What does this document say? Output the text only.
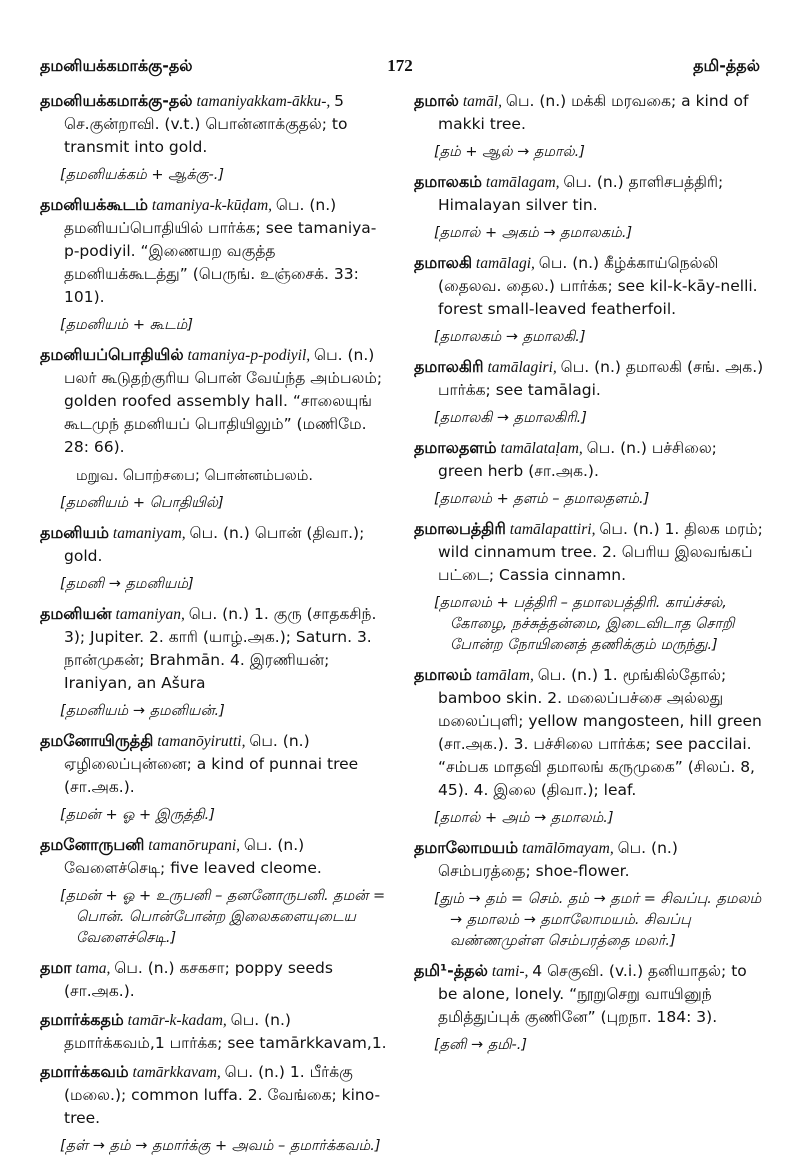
தமனியக்கமாக்கு-தல்	172	தமி-த்தல்

தமனியக்கமாக்கு-தல் tamaniyakkam-ākku-, 5 செ.குன்றாவி. (v.t.) பொன்னாக்குதல்; to transmit into gold.

[தமனியக்கம் + ஆக்கு-.]

தமனியக்கூடம் tamaniya-k-kūḍam, பெ. (n.) தமனியப்பொதியில் பார்க்க; see tamaniya-p-podiyil. “இணையற வகுத்த தமனியக்கூடத்து” (பெருங். உஞ்சைக். 33: 101).

[தமனியம் + கூடம்]

தமனியப்பொதியில் tamaniya-p-podiyil, பெ. (n.) பலர் கூடுதற்குரிய பொன் வேய்ந்த அம்பலம்; golden roofed assembly hall. “சாலையுங் கூடமுந் தமனியப் பொதியிலும்” (மணிமே. 28: 66).

மறுவ. பொற்சபை; பொன்னம்பலம்.

[தமனியம் + பொதியில்]

தமனியம் tamaniyam, பெ. (n.) பொன் (திவா.); gold.

[தமனி → தமனியம்]

தமனியன் tamaniyan, பெ. (n.) 1. குரு (சாதகசிந். 3); Jupiter. 2. காரி (யாழ்.அக.); Saturn. 3. நான்முகன்; Brahmān. 4. இரணியன்; Iraniyan, an Ašura

[தமனியம் → தமனியன்.]

தமனோயிருத்தி tamanōyirutti, பெ. (n.) ஏழிலைப்புன்னை; a kind of punnai tree (சா.அக.).

[தமன் + ஓ + இருத்தி.]

தமனோருபனி tamanōrupani, பெ. (n.) வேளைச்செடி; five leaved cleome.

[தமன் + ஓ + உருபனி – தனனோருபனி. தமன் = பொன். பொன்போன்ற இலைகளையுடைய வேளைச்செடி.]

தமா tama, பெ. (n.) கசகசா; poppy seeds (சா.அக.).

தமார்க்கதம் tamār-k-kadam, பெ. (n.) தமார்க்கவம்,1 பார்க்க; see tamārkkavam,1.

தமார்க்கவம் tamārkkavam, பெ. (n.) 1. பீர்க்கு (மலை.); common luffa. 2. வேங்கை; kino-tree.

[தள் → தம் → தமார்க்கு + அவம் – தமார்க்கவம்.]

தமால் tamāl, பெ. (n.) மக்கி மரவகை; a kind of makki tree.

[தம் + ஆல் → தமால்.]

தமாலகம் tamālagam, பெ. (n.) தாளிசபத்திரி; Himalayan silver tin.

[தமால் + அகம் → தமாலகம்.]

தமாலகி tamālagi, பெ. (n.) கீழ்க்காய்நெல்லி (தைலவ. தைல.) பார்க்க; see kil-k-kāy-nelli. forest small-leaved featherfoil.

[தமாலகம் → தமாலகி.]

தமாலகிரி tamālagiri, பெ. (n.) தமாலகி (சங். அக.) பார்க்க; see tamālagi.

[தமாலகி → தமாலகிரி.]

தமாலதளம் tamālataḷam, பெ. (n.) பச்சிலை; green herb (சா.அக.).

[தமாலம் + தளம் – தமாலதளம்.]

தமாலபத்திரி tamālapattiri, பெ. (n.) 1. திலக மரம்; wild cinnamum tree. 2. பெரிய இலவங்கப் பட்டை; Cassia cinnamn.

[தமாலம் + பத்திரி – தமாலபத்திரி. காய்ச்சல், கோழை, நச்சுத்தன்மை, இடைவிடாத சொறி போன்ற நோயினைத் தணிக்கும் மருந்து.]

தமாலம் tamālam, பெ. (n.) 1. மூங்கில்தோல்; bamboo skin. 2. மலைப்பச்சை அல்லது மலைப்புளி; yellow mangosteen, hill green (சா.அக.). 3. பச்சிலை பார்க்க; see paccilai. “சம்பக மாதவி தமாலங் கருமுகை” (சிலப். 8, 45). 4. இலை (திவா.); leaf.

[தமால் + அம் → தமாலம்.]

தமாலோமயம் tamālōmayam, பெ. (n.) செம்பரத்தை; shoe-flower.

[தும் → தம் = செம். தம் → தமர் = சிவப்பு. தமலம் → தமாலம் → தமாலோமயம். சிவப்பு வண்ணமுள்ள செம்பரத்தை மலர்.]

தமி¹-த்தல் tami-, 4 செகுவி. (v.i.) தனியாதல்; to be alone, lonely. “நூறுசெறு வாயினுந் தமித்துப்புக் குணினே” (புறநா. 184: 3).

[தனி → தமி-.]
